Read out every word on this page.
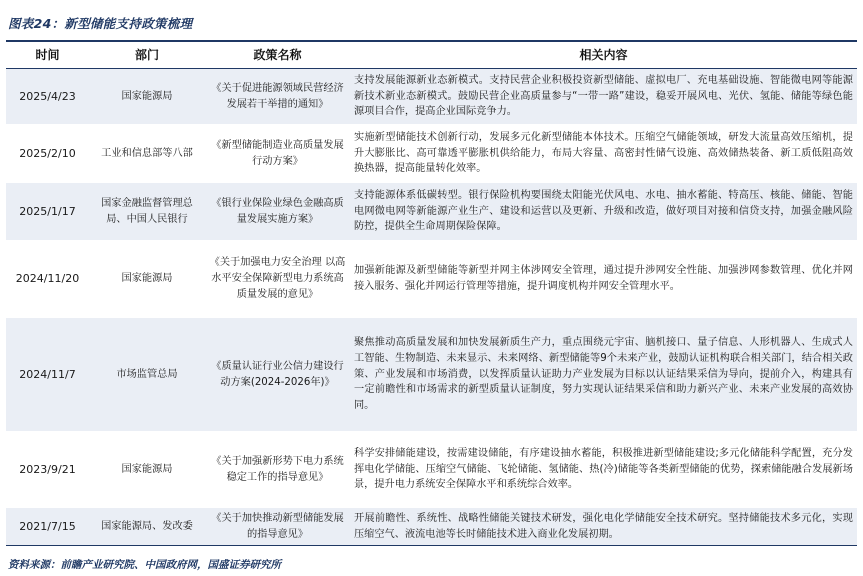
图表24：新型储能支持政策梳理
时间	部门	政策名称	相关内容
2025/4/23	国家能源局	《关于促进能源领域民营经济发展若干举措的通知》	支持发展能源新业态新模式。支持民营企业积极投资新型储能、虚拟电厂、充电基础设施、智能微电网等能源新技术新业态新模式。鼓励民营企业高质量参与“一带一路”建设，稳妥开展风电、光伏、氢能、储能等绿色能源项目合作，提高企业国际竞争力。
2025/2/10	工业和信息部等八部	《新型储能制造业高质量发展行动方案》	实施新型储能技术创新行动，发展多元化新型储能本体技术。压缩空气储能领域，研发大流量高效压缩机，提升大膨胀比、高可靠透平膨胀机供给能力，布局大容量、高密封性储气设施、高效储热装备、新工质低阻高效换热器，提高能量转化效率。
2025/1/17	国家金融监督管理总局、中国人民银行	《银行业保险业绿色金融高质量发展实施方案》	支持能源体系低碳转型。银行保险机构要围绕太阳能光伏风电、水电、抽水蓄能、特高压、核能、储能、智能电网微电网等新能源产业生产、建设和运营以及更新、升级和改造，做好项目对接和信贷支持，加强金融风险防控，提供全生命周期保险保障。
2024/11/20	国家能源局	《关于加强电力安全治理 以高水平安全保障新型电力系统高质量发展的意见》	加强新能源及新型储能等新型并网主体涉网安全管理，通过提升涉网安全性能、加强涉网参数管理、优化并网接入服务、强化并网运行管理等措施，提升调度机构并网安全管理水平。
2024/11/7	市场监管总局	《质量认证行业公信力建设行动方案(2024-2026年)》	聚焦推动高质量发展和加快发展新质生产力，重点围绕元宇宙、脑机接口、量子信息、人形机器人、生成式人工智能、生物制造、未来显示、未来网络、新型储能等9个未来产业，鼓励认证机构联合相关部门，结合相关政策、产业发展和市场消费，以发挥质量认证助力产业发展为目标以认证结果采信为导向，提前介入，构建具有一定前瞻性和市场需求的新型质量认证制度，努力实现认证结果采信和助力新兴产业、未来产业发展的高效协同。
2023/9/21	国家能源局	《关于加强新形势下电力系统稳定工作的指导意见》	科学安排储能建设，按需建设储能，有序建设抽水蓄能，积极推进新型储能建设;多元化储能科学配置，充分发挥电化学储能、压缩空气储能、飞轮储能、氢储能、热(冷)储能等各类新型储能的优势，探索储能融合发展新场景，提升电力系统安全保障水平和系统综合效率。
2021/7/15	国家能源局、发改委	《关于加快推动新型储能发展的指导意见》	开展前瞻性、系统性、战略性储能关键技术研发，强化电化学储能安全技术研究。坚持储能技术多元化，实现压缩空气、液流电池等长时储能技术进入商业化发展初期。
资料来源：前瞻产业研究院、中国政府网，国盛证券研究所
